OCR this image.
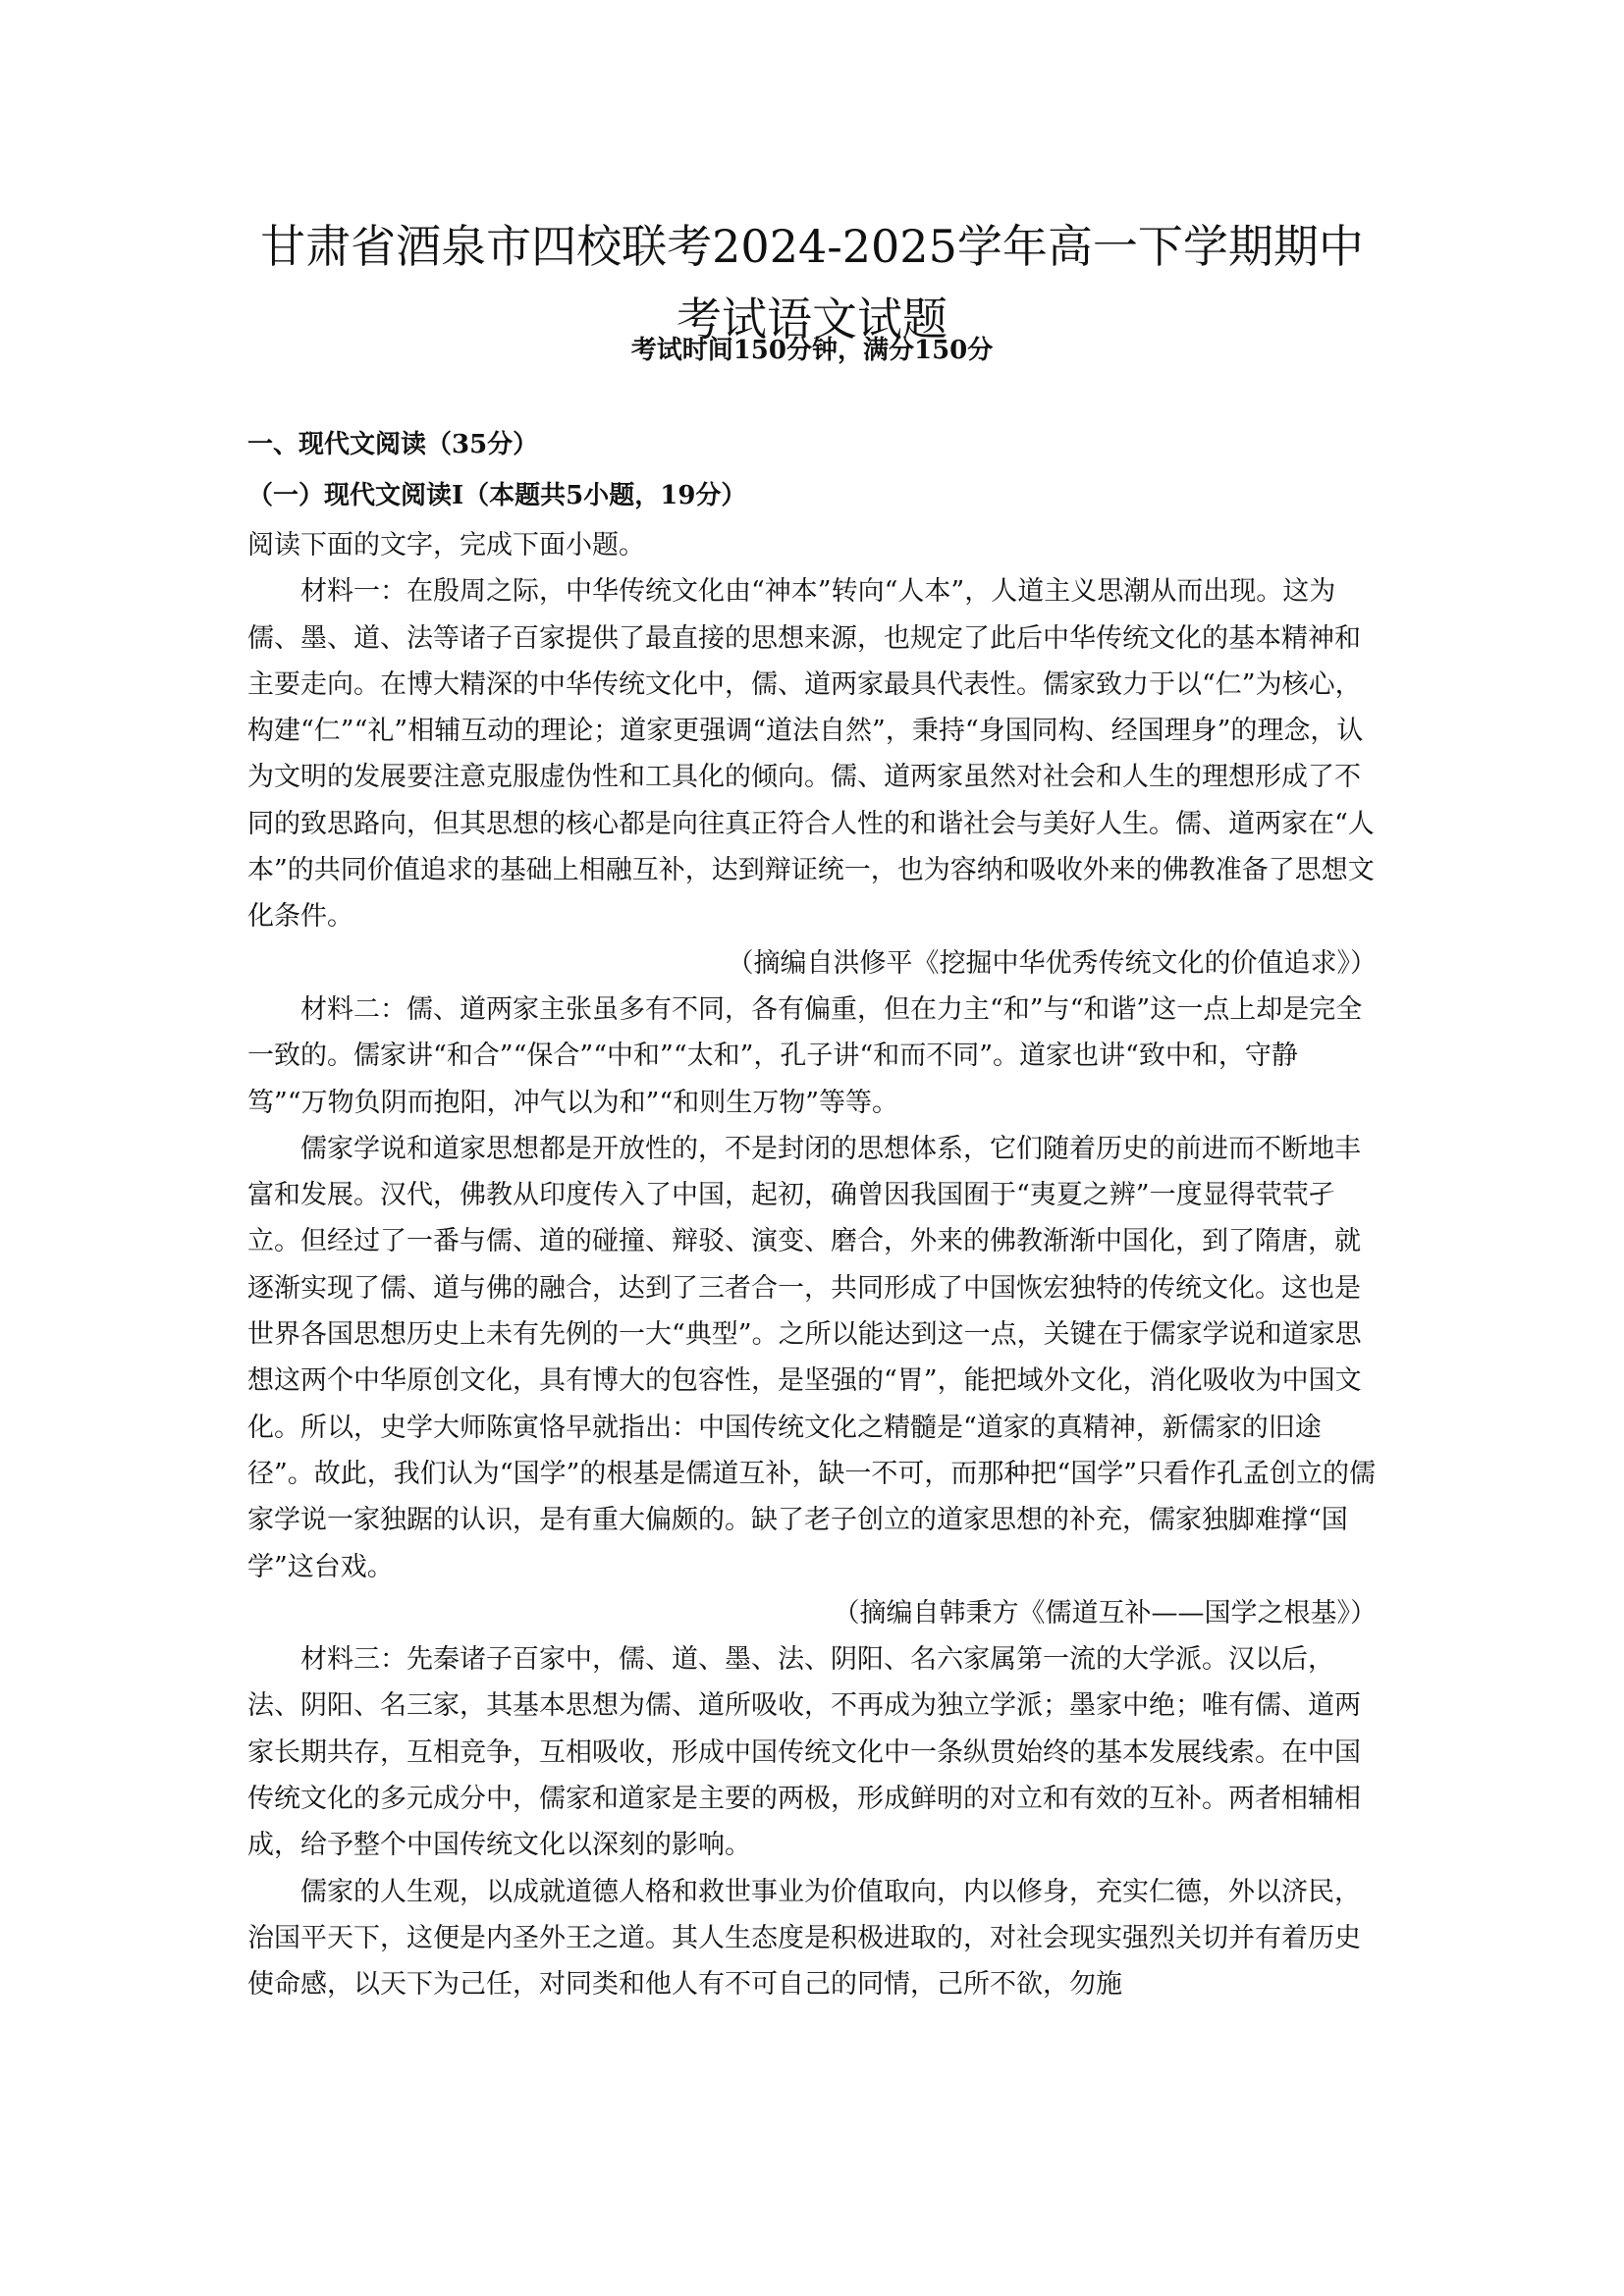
甘肃省酒泉市四校联考2024-2025学年高一下学期期中
考试语文试题

考试时间150分钟，满分150分

一、现代文阅读（35分）

（一）现代文阅读Ⅰ（本题共5小题，19分）

阅读下面的文字，完成下面小题。

材料一：在殷周之际，中华传统文化由“神本”转向“人本”，人道主义思潮从而出现。这为儒、墨、道、法等诸子百家提供了最直接的思想来源，也规定了此后中华传统文化的基本精神和主要走向。在博大精深的中华传统文化中，儒、道两家最具代表性。儒家致力于以“仁”为核心，构建“仁”“礼”相辅互动的理论；道家更强调“道法自然”，秉持“身国同构、经国理身”的理念，认为文明的发展要注意克服虚伪性和工具化的倾向。儒、道两家虽然对社会和人生的理想形成了不同的致思路向，但其思想的核心都是向往真正符合人性的和谐社会与美好人生。儒、道两家在“人本”的共同价值追求的基础上相融互补，达到辩证统一，也为容纳和吸收外来的佛教准备了思想文化条件。

（摘编自洪修平《挖掘中华优秀传统文化的价值追求》）

材料二：儒、道两家主张虽多有不同，各有偏重，但在力主“和”与“和谐”这一点上却是完全一致的。儒家讲“和合”“保合”“中和”“太和”，孔子讲“和而不同”。道家也讲“致中和，守静笃”“万物负阴而抱阳，冲气以为和”“和则生万物”等等。

儒家学说和道家思想都是开放性的，不是封闭的思想体系，它们随着历史的前进而不断地丰富和发展。汉代，佛教从印度传入了中国，起初，确曾因我国囿于“夷夏之辨”一度显得茕茕孑立。但经过了一番与儒、道的碰撞、辩驳、演变、磨合，外来的佛教渐渐中国化，到了隋唐，就逐渐实现了儒、道与佛的融合，达到了三者合一，共同形成了中国恢宏独特的传统文化。这也是世界各国思想历史上未有先例的一大“典型”。之所以能达到这一点，关键在于儒家学说和道家思想这两个中华原创文化，具有博大的包容性，是坚强的“胃”，能把域外文化，消化吸收为中国文化。所以，史学大师陈寅恪早就指出：中国传统文化之精髓是“道家的真精神，新儒家的旧途径”。故此，我们认为“国学”的根基是儒道互补，缺一不可，而那种把“国学”只看作孔孟创立的儒家学说一家独踞的认识，是有重大偏颇的。缺了老子创立的道家思想的补充，儒家独脚难撑“国学”这台戏。

（摘编自韩秉方《儒道互补——国学之根基》）

材料三：先秦诸子百家中，儒、道、墨、法、阴阳、名六家属第一流的大学派。汉以后，法、阴阳、名三家，其基本思想为儒、道所吸收，不再成为独立学派；墨家中绝；唯有儒、道两家长期共存，互相竞争，互相吸收，形成中国传统文化中一条纵贯始终的基本发展线索。在中国传统文化的多元成分中，儒家和道家是主要的两极，形成鲜明的对立和有效的互补。两者相辅相成，给予整个中国传统文化以深刻的影响。

儒家的人生观，以成就道德人格和救世事业为价值取向，内以修身，充实仁德，外以济民，治国平天下，这便是内圣外王之道。其人生态度是积极进取的，对社会现实强烈关切并有着历史使命感，以天下为己任，对同类和他人有不可自己的同情，己所不欲，勿施
